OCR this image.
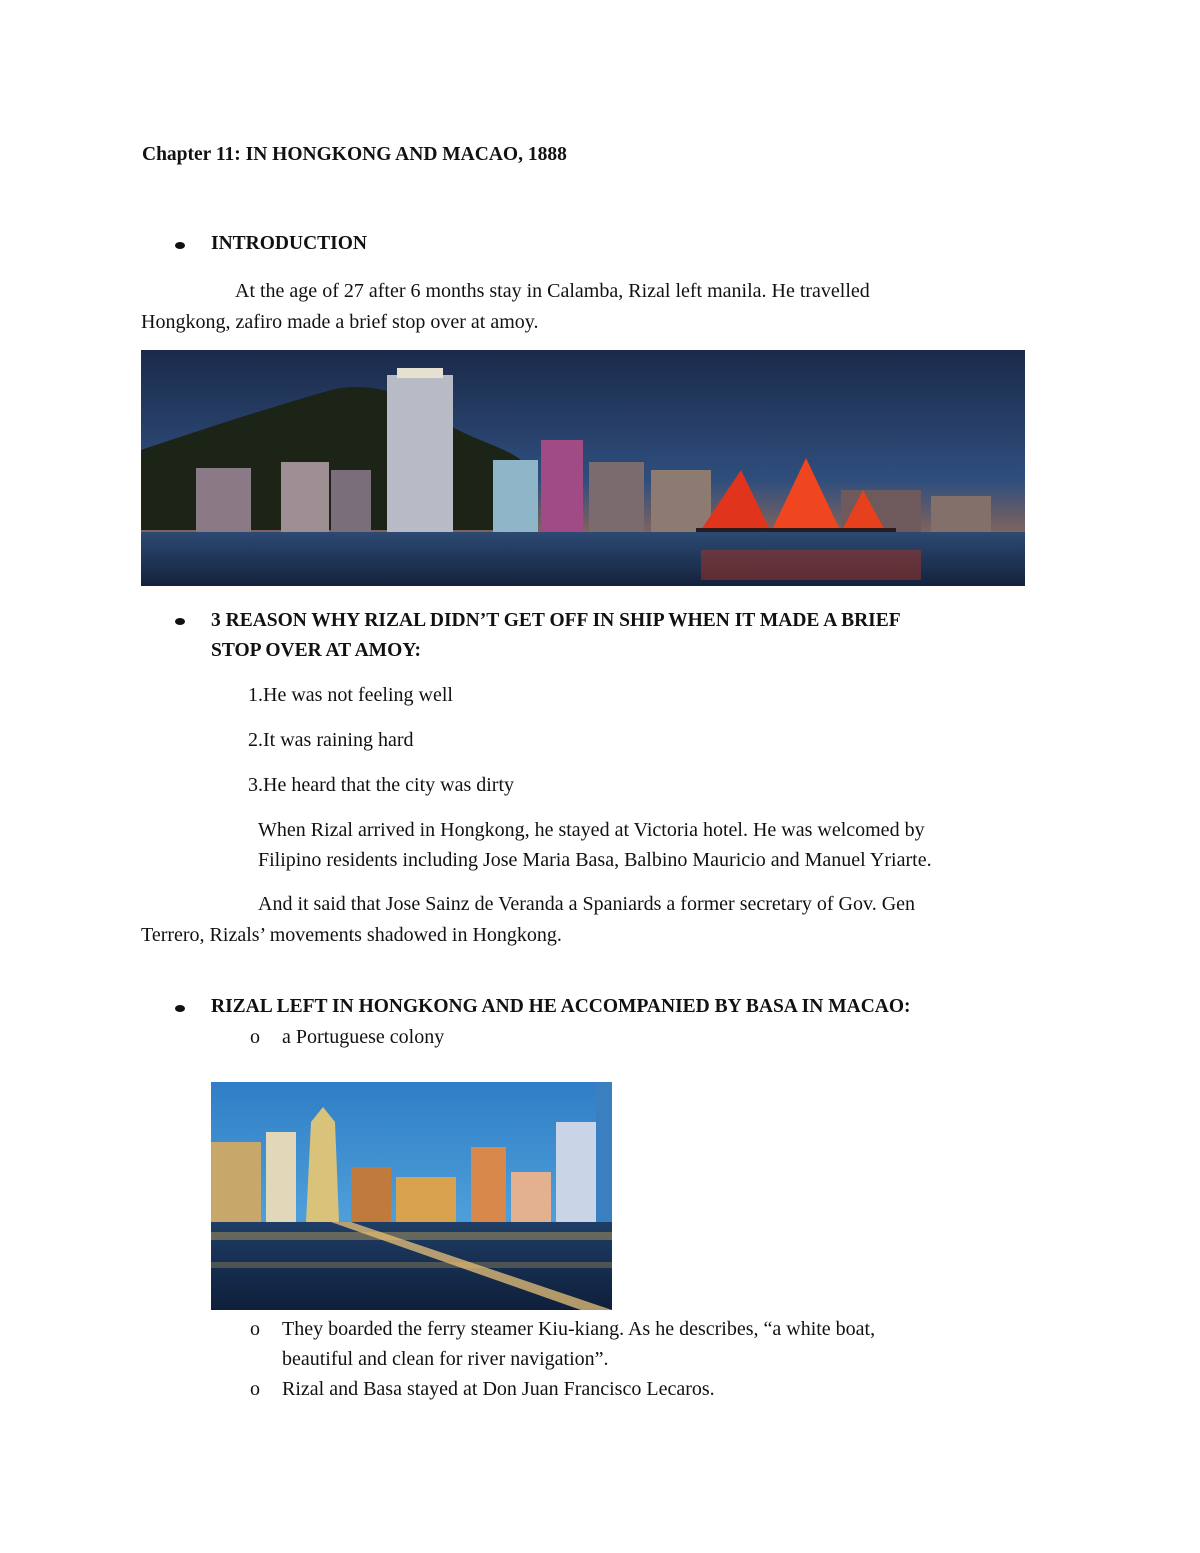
Chapter 11: IN HONGKONG AND MACAO, 1888
INTRODUCTION
At the age of 27 after 6 months stay in Calamba, Rizal left manila. He travelled
Hongkong, zafiro made a brief stop over at amoy.
3 REASON WHY RIZAL DIDN’T GET OFF IN SHIP WHEN IT MADE A BRIEF
STOP OVER AT AMOY:
1.He was not feeling well
2.It was raining hard
3.He heard that the city was dirty
When Rizal arrived in Hongkong, he stayed at Victoria hotel. He was welcomed by
Filipino residents including Jose Maria Basa, Balbino Mauricio and Manuel Yriarte.
And it said that Jose Sainz de Veranda a Spaniards a former secretary of Gov. Gen
Terrero, Rizals’ movements shadowed in Hongkong.
RIZAL LEFT IN HONGKONG AND HE ACCOMPANIED BY BASA IN MACAO:
o a Portuguese colony
o They boarded the ferry steamer Kiu-kiang. As he describes, “a white boat,
beautiful and clean for river navigation”.
o Rizal and Basa stayed at Don Juan Francisco Lecaros.
